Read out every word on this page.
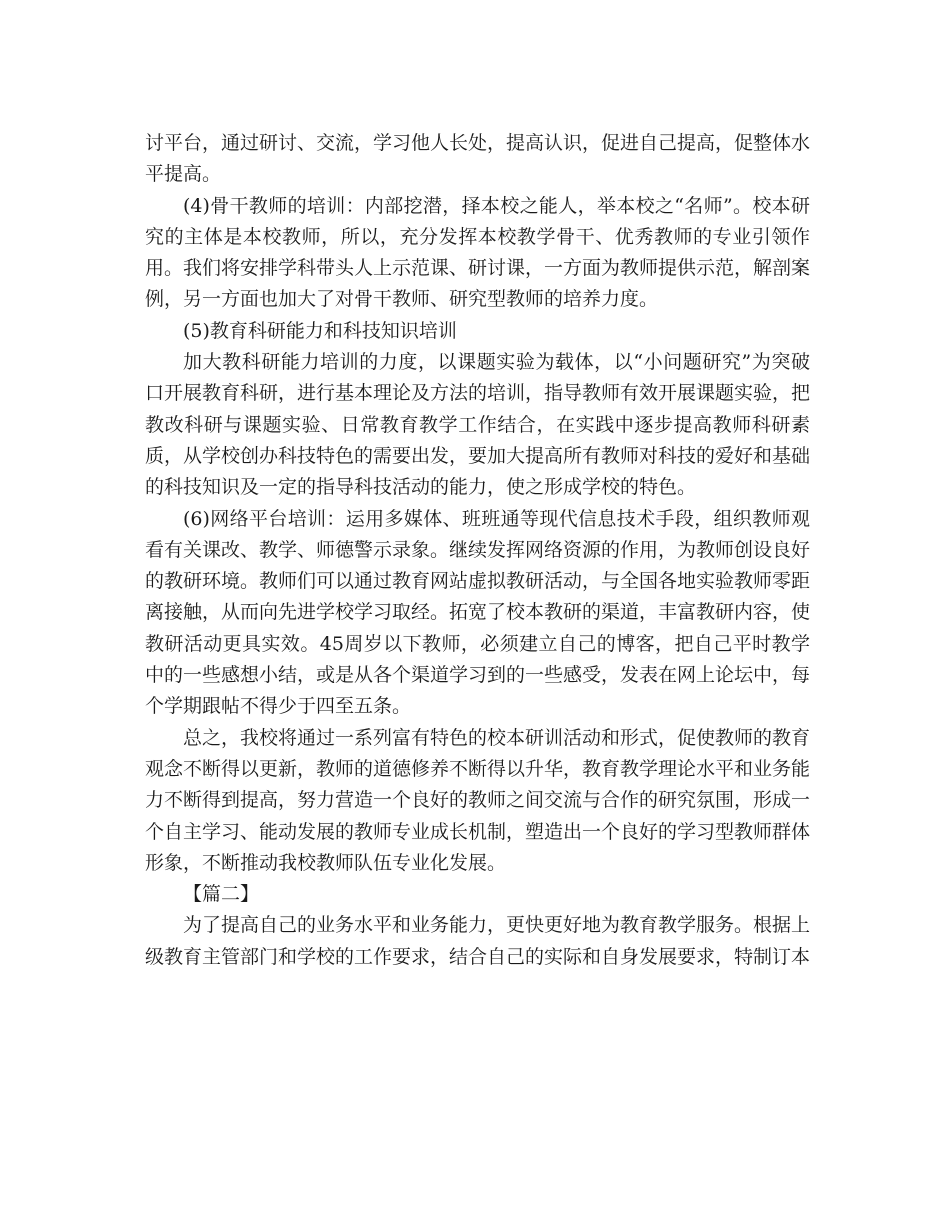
讨平台，通过研讨、交流，学习他人长处，提高认识，促进自己提高，促整体水平提高。

(4)骨干教师的培训：内部挖潜，择本校之能人，举本校之“名师”。校本研究的主体是本校教师，所以，充分发挥本校教学骨干、优秀教师的专业引领作用。我们将安排学科带头人上示范课、研讨课，一方面为教师提供示范，解剖案例，另一方面也加大了对骨干教师、研究型教师的培养力度。

(5)教育科研能力和科技知识培训

加大教科研能力培训的力度，以课题实验为载体，以“小问题研究”为突破口开展教育科研，进行基本理论及方法的培训，指导教师有效开展课题实验，把教改科研与课题实验、日常教育教学工作结合，在实践中逐步提高教师科研素质，从学校创办科技特色的需要出发，要加大提高所有教师对科技的爱好和基础的科技知识及一定的指导科技活动的能力，使之形成学校的特色。

(6)网络平台培训：运用多媒体、班班通等现代信息技术手段，组织教师观看有关课改、教学、师德警示录象。继续发挥网络资源的作用，为教师创设良好的教研环境。教师们可以通过教育网站虚拟教研活动，与全国各地实验教师零距离接触，从而向先进学校学习取经。拓宽了校本教研的渠道，丰富教研内容，使教研活动更具实效。45周岁以下教师，必须建立自己的博客，把自己平时教学中的一些感想小结，或是从各个渠道学习到的一些感受，发表在网上论坛中，每个学期跟帖不得少于四至五条。

总之，我校将通过一系列富有特色的校本研训活动和形式，促使教师的教育观念不断得以更新，教师的道德修养不断得以升华，教育教学理论水平和业务能力不断得到提高，努力营造一个良好的教师之间交流与合作的研究氛围，形成一个自主学习、能动发展的教师专业成长机制，塑造出一个良好的学习型教师群体形象，不断推动我校教师队伍专业化发展。

【篇二】

为了提高自己的业务水平和业务能力，更快更好地为教育教学服务。根据上级教育主管部门和学校的工作要求，结合自己的实际和自身发展要求，特制订本
